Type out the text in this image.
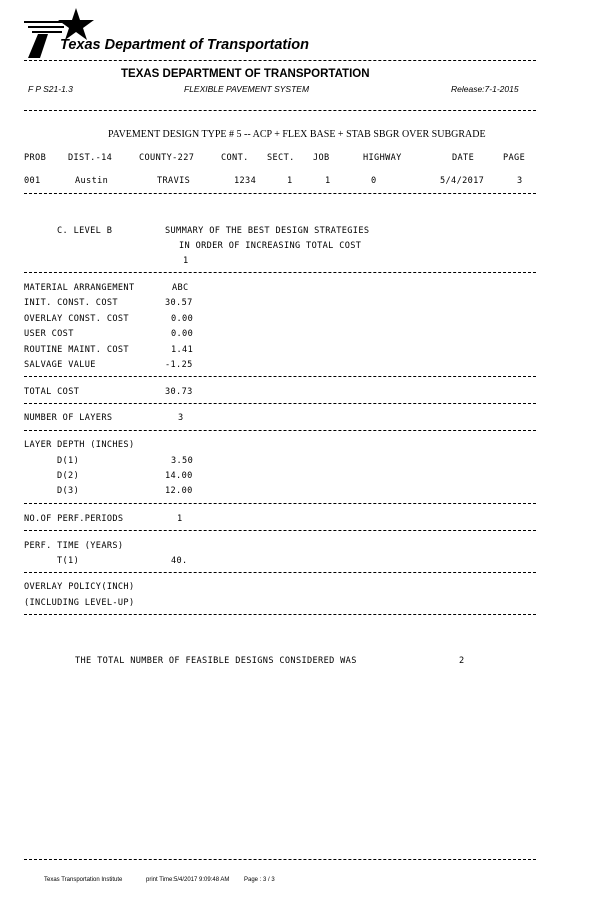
Texas Department of Transportation
TEXAS DEPARTMENT OF TRANSPORTATION
F P S21-1.3	FLEXIBLE PAVEMENT SYSTEM	Release:7-1-2015
PAVEMENT DESIGN TYPE # 5 -- ACP + FLEX BASE + STAB SBGR OVER SUBGRADE
PROB	DIST.-14	COUNTY-227	CONT. SECT. JOB	HIGHWAY	DATE	PAGE
001	Austin	TRAVIS	1234	1	1	0	5/4/2017	3
C. LEVEL B	SUMMARY OF THE BEST DESIGN STRATEGIES
IN ORDER OF INCREASING TOTAL COST
1
MATERIAL ARRANGEMENT	ABC
INIT. CONST. COST	30.57
OVERLAY CONST. COST	0.00
USER COST	0.00
ROUTINE MAINT. COST	1.41
SALVAGE VALUE	-1.25
TOTAL COST	30.73
NUMBER OF LAYERS	3
LAYER DEPTH (INCHES)
D(1)	3.50
D(2)	14.00
D(3)	12.00
NO.OF PERF.PERIODS	1
PERF. TIME (YEARS)
T(1)	40.
OVERLAY POLICY(INCH)
(INCLUDING LEVEL-UP)
THE TOTAL NUMBER OF FEASIBLE DESIGNS CONSIDERED WAS	2
Texas Transportation Institute	print Time:5/4/2017 9:09:48 AM Page : 3 / 3
